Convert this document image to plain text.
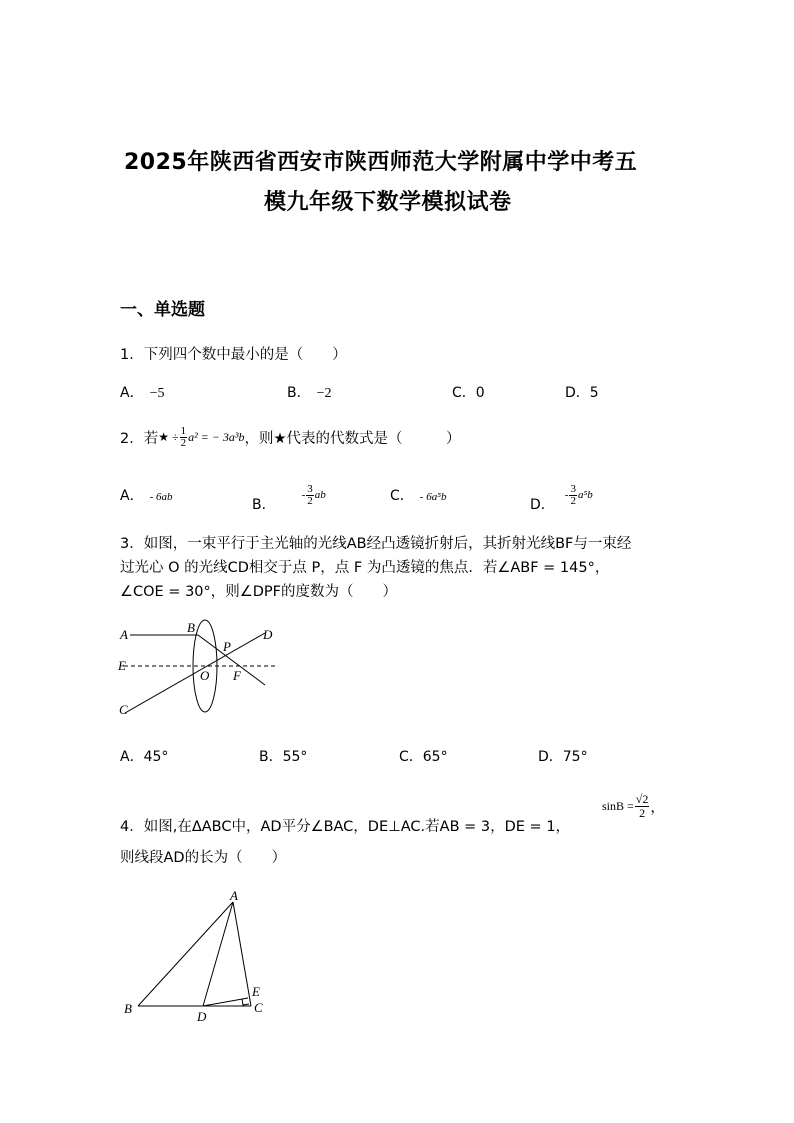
2025年陕西省西安市陕西师范大学附属中学中考五
模九年级下数学模拟试卷
一、单选题
1．下列四个数中最小的是（　　）
A． −5	B． −2	C．0	D．5
2．若 ★ ÷ $\frac{1}{2} a^2$ = − 3a³b ，则★代表的代数式是（　　　）
A． - 6ab	B．
- $\frac{3}{2}$ ab	C． - 6a⁵b	D．
- $\frac{3}{2} a^5b$
3．如图，一束平行于主光轴的光线AB经凸透镜折射后，其折射光线BF与一束经
过光心 O 的光线CD相交于点 P，点 F 为凸透镜的焦点．若∠ABF = 145°，
∠COE = 30°，则∠DPF的度数为（　　）
A	B
P
D
E
O F
C
A．45°	B．55°	C．65°	D．75°
4．如图,在ΔABC中，AD平分∠BAC，DE⊥AC.若AB = 3，DE = 1，
$\sin B = \frac{√2}{2}$ ，
则线段AD的长为（　　）
A
E
B
D
C
